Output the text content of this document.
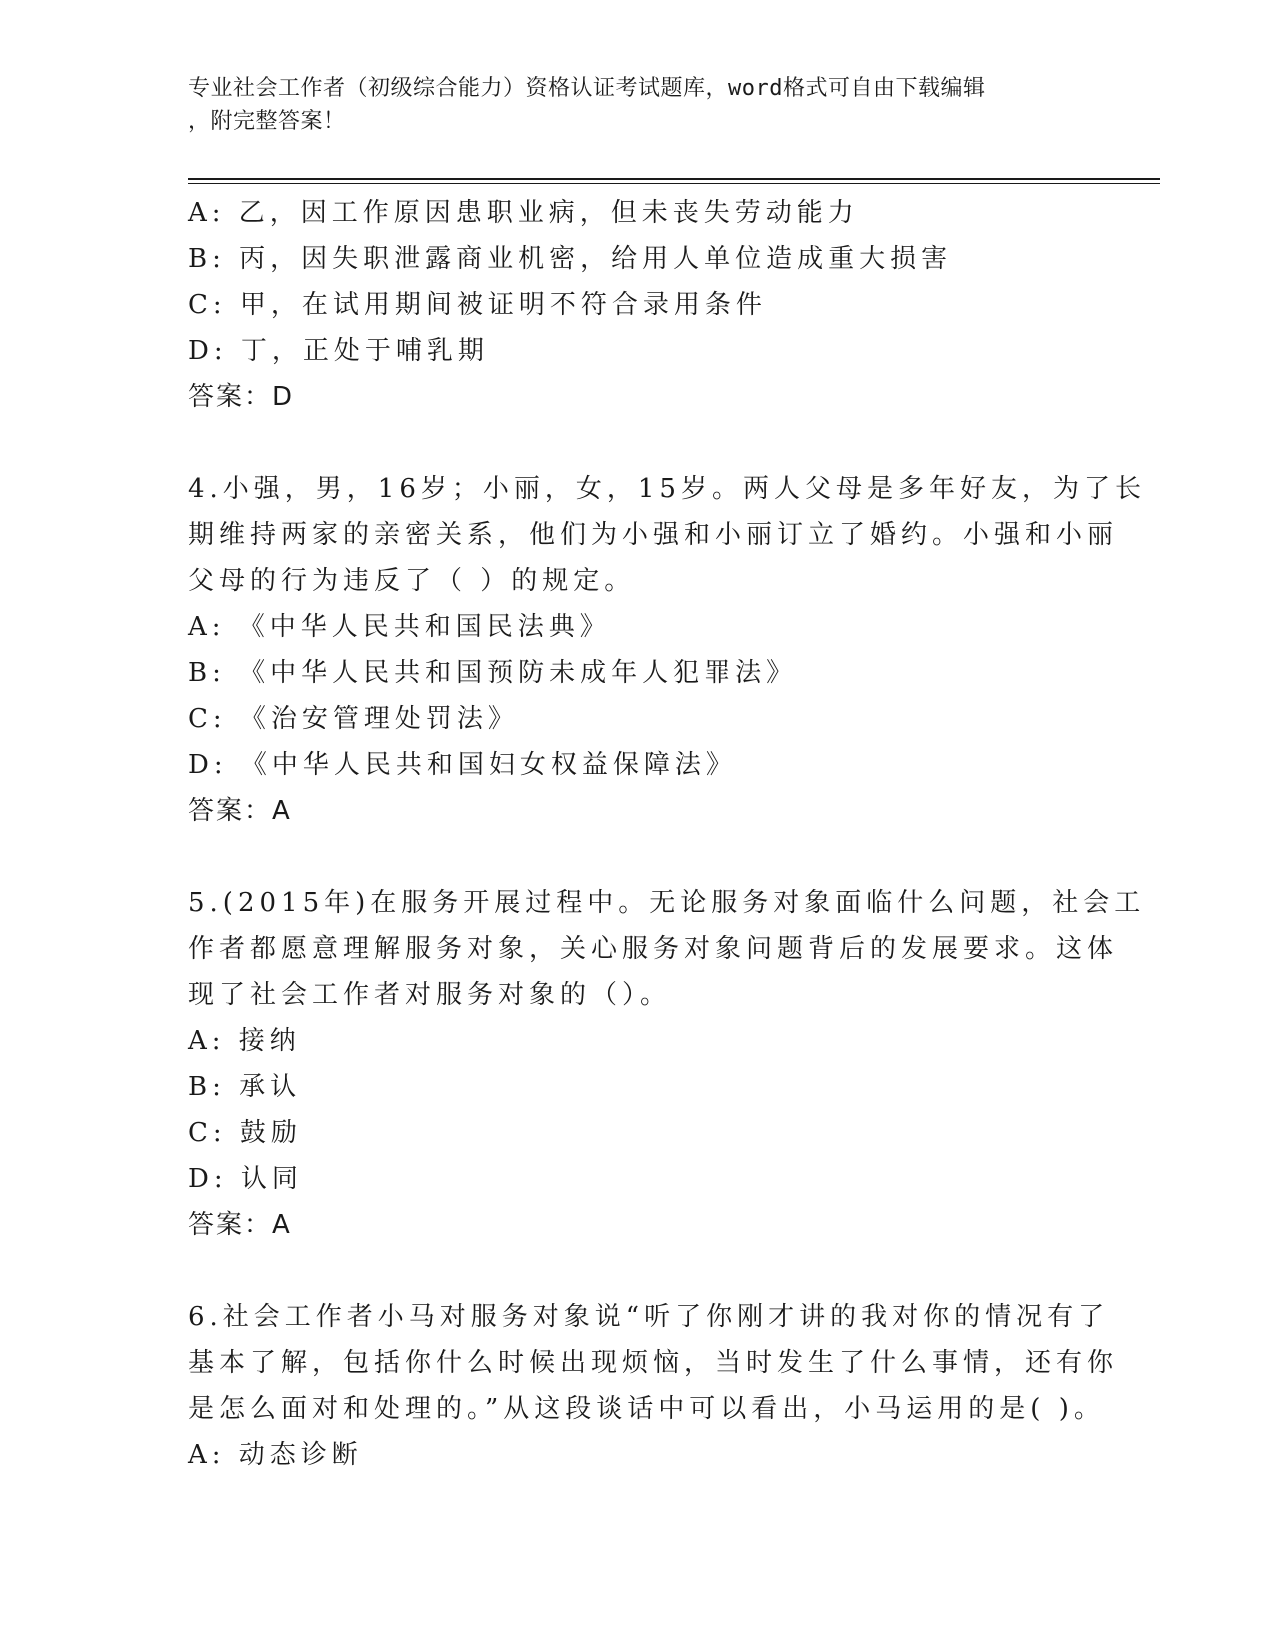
专业社会工作者（初级综合能力）资格认证考试题库，word格式可自由下载编辑
，附完整答案！

A: 乙，因工作原因患职业病，但未丧失劳动能力

B: 丙，因失职泄露商业机密，给用人单位造成重大损害

C: 甲，在试用期间被证明不符合录用条件

D: 丁，正处于哺乳期

答案：D

4.小强，男，16岁；小丽，女，15岁。两人父母是多年好友，为了长

期维持两家的亲密关系，他们为小强和小丽订立了婚约。小强和小丽

父母的行为违反了（ ）的规定。

A: 《中华人民共和国民法典》

B: 《中华人民共和国预防未成年人犯罪法》

C: 《治安管理处罚法》

D: 《中华人民共和国妇女权益保障法》

答案：A

5.(2015年)在服务开展过程中。无论服务对象面临什么问题，社会工

作者都愿意理解服务对象，关心服务对象问题背后的发展要求。这体

现了社会工作者对服务对象的（）。

A: 接纳

B: 承认

C: 鼓励

D: 认同

答案：A

6.社会工作者小马对服务对象说“听了你刚才讲的我对你的情况有了

基本了解，包括你什么时候出现烦恼，当时发生了什么事情，还有你

是怎么面对和处理的。”从这段谈话中可以看出，小马运用的是( )。

A: 动态诊断
